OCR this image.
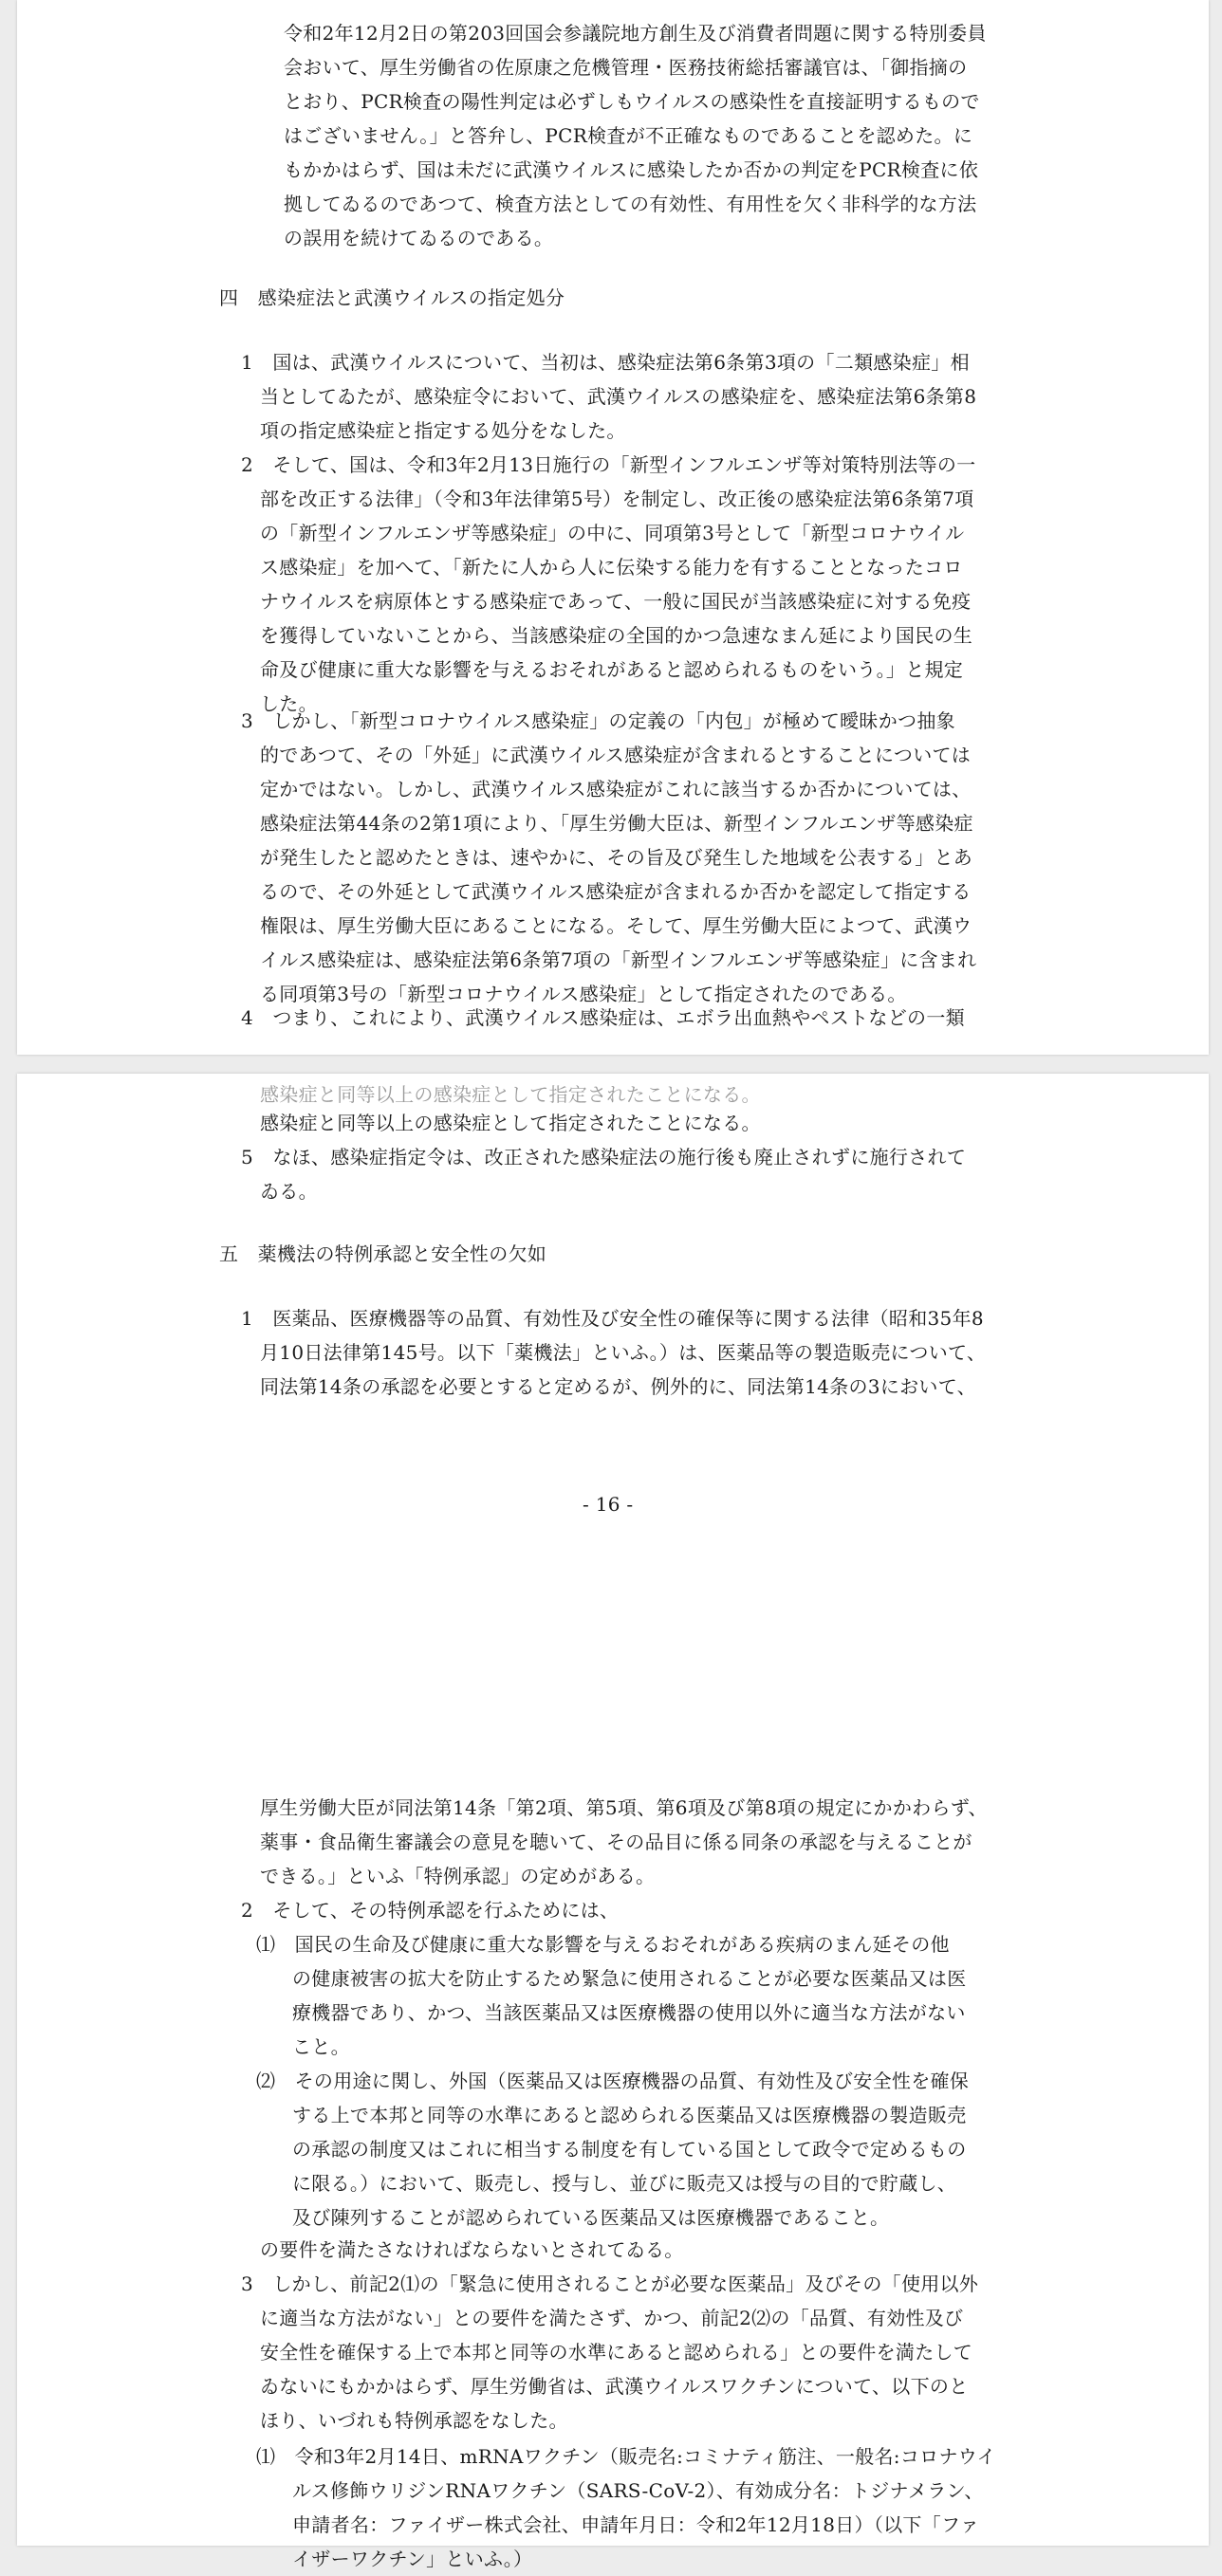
令和2年12月2日の第203回国会参議院地方創生及び消費者問題に関する特別委員

会おいて、厚生労働省の佐原康之危機管理・医務技術総括審議官は、「御指摘の

とおり、PCR検査の陽性判定は必ずしもウイルスの感染性を直接証明するもので

はございません。」と答弁し、PCR検査が不正確なものであることを認めた。に

もかかはらず、国は未だに武漢ウイルスに感染したか否かの判定をPCR検査に依

拠してゐるのであつて、検査方法としての有効性、有用性を欠く非科学的な方法

の誤用を続けてゐるのである。

四　感染症法と武漢ウイルスの指定処分

1　国は、武漢ウイルスについて、当初は、感染症法第6条第3項の「二類感染症」相

当としてゐたが、感染症令において、武漢ウイルスの感染症を、感染症法第6条第8

項の指定感染症と指定する処分をなした。

2　そして、国は、令和3年2月13日施行の「新型インフルエンザ等対策特別法等の一

部を改正する法律」（令和3年法律第5号）を制定し、改正後の感染症法第6条第7項

の「新型インフルエンザ等感染症」の中に、同項第3号として「新型コロナウイル

ス感染症」を加へて、「新たに人から人に伝染する能力を有することとなったコロ

ナウイルスを病原体とする感染症であって、一般に国民が当該感染症に対する免疫

を獲得していないことから、当該感染症の全国的かつ急速なまん延により国民の生

命及び健康に重大な影響を与えるおそれがあると認められるものをいう。」と規定

した。

3　しかし、「新型コロナウイルス感染症」の定義の「内包」が極めて曖昧かつ抽象

的であつて、その「外延」に武漢ウイルス感染症が含まれるとすることについては

定かではない。しかし、武漢ウイルス感染症がこれに該当するか否かについては、

感染症法第44条の2第1項により、「厚生労働大臣は、新型インフルエンザ等感染症

が発生したと認めたときは、速やかに、その旨及び発生した地域を公表する」とあ

るので、その外延として武漢ウイルス感染症が含まれるか否かを認定して指定する

権限は、厚生労働大臣にあることになる。そして、厚生労働大臣によつて、武漢ウ

イルス感染症は、感染症法第6条第7項の「新型インフルエンザ等感染症」に含まれ

る同項第3号の「新型コロナウイルス感染症」として指定されたのである。

4　つまり、これにより、武漢ウイルス感染症は、エボラ出血熱やペストなどの一類

感染症と同等以上の感染症として指定されたことになる。

感染症と同等以上の感染症として指定されたことになる。

5　なほ、感染症指定令は、改正された感染症法の施行後も廃止されずに施行されて

ゐる。

五　薬機法の特例承認と安全性の欠如

1　医薬品、医療機器等の品質、有効性及び安全性の確保等に関する法律（昭和35年8

月10日法律第145号。以下「薬機法」といふ。）は、医薬品等の製造販売について、

同法第14条の承認を必要とすると定めるが、例外的に、同法第14条の3において、

- 16 -

厚生労働大臣が同法第14条「第2項、第5項、第6項及び第8項の規定にかかわらず、

薬事・食品衛生審議会の意見を聴いて、その品目に係る同条の承認を与えることが

できる。」といふ「特例承認」の定めがある。

2　そして、その特例承認を行ふためには、

⑴　国民の生命及び健康に重大な影響を与えるおそれがある疾病のまん延その他

の健康被害の拡大を防止するため緊急に使用されることが必要な医薬品又は医

療機器であり、かつ、当該医薬品又は医療機器の使用以外に適当な方法がない

こと。

⑵　その用途に関し、外国（医薬品又は医療機器の品質、有効性及び安全性を確保

する上で本邦と同等の水準にあると認められる医薬品又は医療機器の製造販売

の承認の制度又はこれに相当する制度を有している国として政令で定めるもの

に限る。）において、販売し、授与し、並びに販売又は授与の目的で貯蔵し、

及び陳列することが認められている医薬品又は医療機器であること。

の要件を満たさなければならないとされてゐる。

3　しかし、前記2⑴の「緊急に使用されることが必要な医薬品」及びその「使用以外

に適当な方法がない」との要件を満たさず、かつ、前記2⑵の「品質、有効性及び

安全性を確保する上で本邦と同等の水準にあると認められる」との要件を満たして

ゐないにもかかはらず、厚生労働省は、武漢ウイルスワクチンについて、以下のと

ほり、いづれも特例承認をなした。

⑴　令和3年2月14日、mRNAワクチン（販売名:コミナティ筋注、一般名:コロナウイ

ルス修飾ウリジンRNAワクチン（SARS-CoV-2）、有効成分名：トジナメラン、

申請者名：ファイザー株式会社、申請年月日：令和2年12月18日）（以下「ファ

イザーワクチン」といふ。）
